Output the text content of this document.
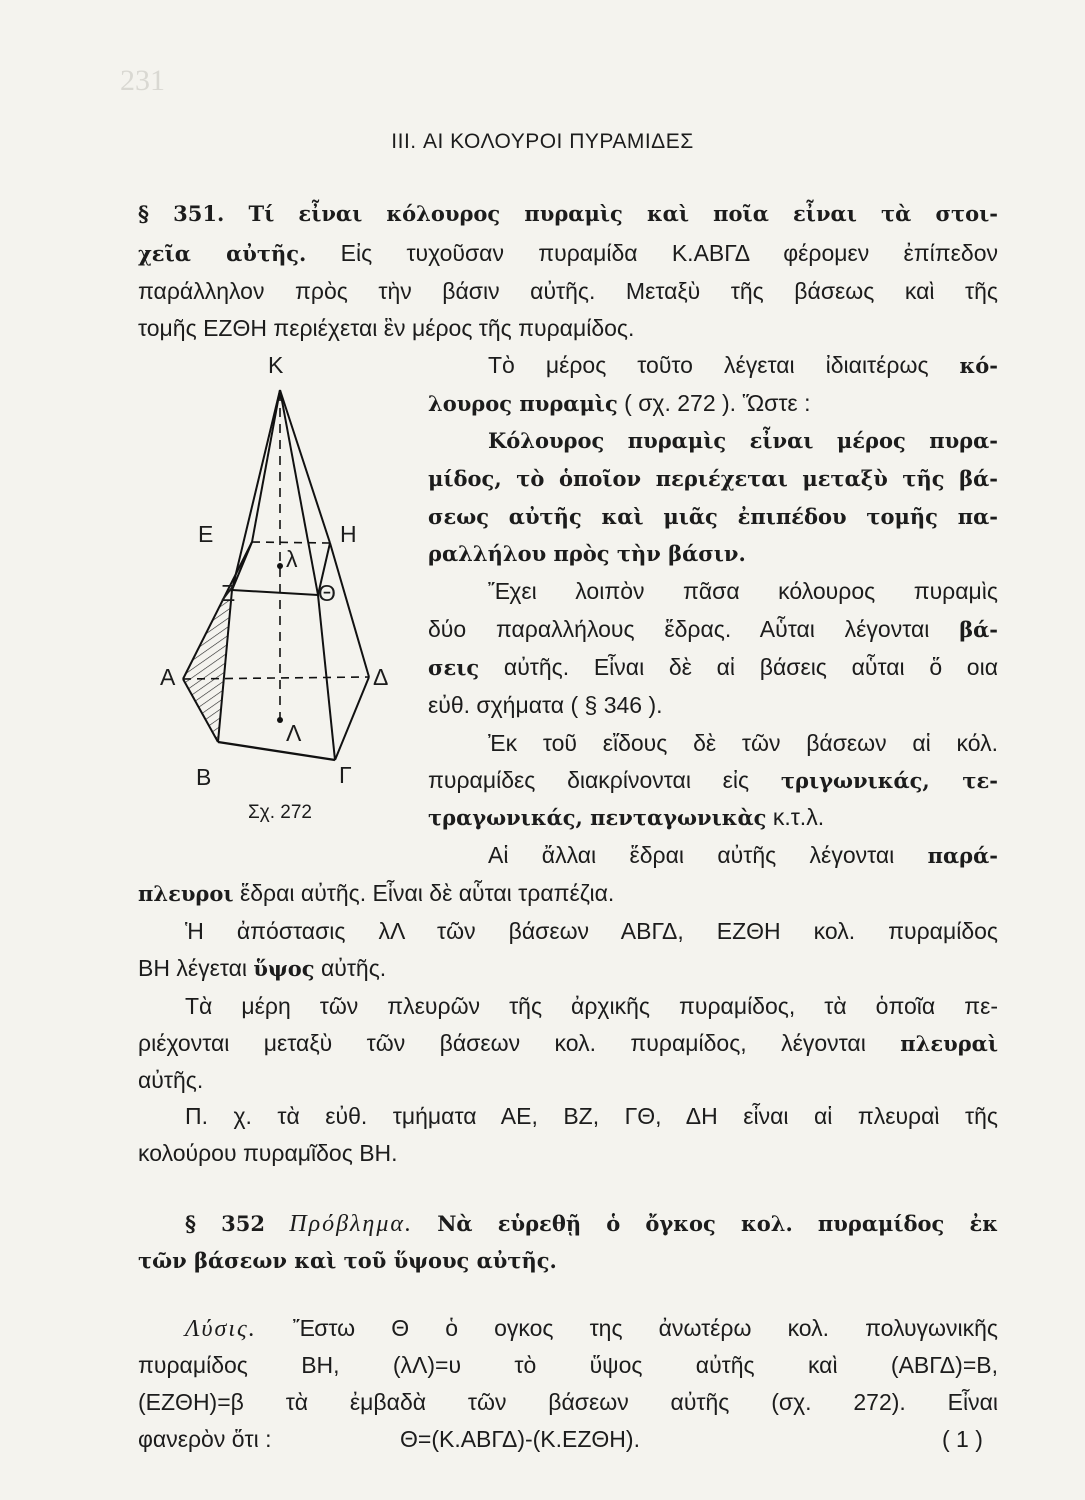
231
III. ΑΙ ΚΟΛΟΥΡΟΙ ΠΥΡΑΜΙΔΕΣ
§ 351. Τί εἶναι κόλουρος πυραμὶς καὶ ποῖα εἶναι τὰ στοι-
χεῖα αὐτῆς. Εἰς τυχοῦσαν πυραμίδα Κ.ΑΒΓΔ φέρομεν ἐπίπεδον
παράλληλον πρὸς τὴν βάσιν αὐτῆς. Μεταξὺ τῆς βάσεως καὶ τῆς
τομῆς ΕΖΘΗ περιέχεται ἓν μέρος τῆς πυραμίδος.
Τὸ μέρος τοῦτο λέγεται ἰδιαιτέρως κό-
λουρος πυραμὶς ( σχ. 272 ). Ὥστε :
Κόλουρος πυραμὶς εἶναι μέρος πυρα-
μίδος, τὸ ὁποῖον περιέχεται μεταξὺ τῆς βά-
σεως αὐτῆς καὶ μιᾶς ἐπιπέδου τομῆς πα-
ραλλήλου πρὸς τὴν βάσιν.
Ἔχει λοιπὸν πᾶσα κόλουρος πυραμὶς
δύο παραλλήλους ἕδρας. Αὗται λέγονται βά-
σεις αὐτῆς. Εἶναι δὲ αἱ βάσεις αὗται ὅ οια
εὐθ. σχήματα ( § 346 ).
Ἐκ τοῦ εἴδους δὲ τῶν βάσεων αἱ κόλ.
πυραμίδες διακρίνονται εἰς τριγωνικάς, τε-
τραγωνικάς, πενταγωνικὰς κ.τ.λ.
Αἱ ἄλλαι ἕδραι αὐτῆς λέγονται παρά-
πλευροι ἕδραι αὐτῆς. Εἶναι δὲ αὗται τραπέζια.
Ἡ ἀπόστασις λΛ τῶν βάσεων ΑΒΓΔ, ΕΖΘΗ κολ. πυραμίδος
ΒΗ λέγεται ὕψος αὐτῆς.
Τὰ μέρη τῶν πλευρῶν τῆς ἀρχικῆς πυραμίδος, τὰ ὁποῖα πε-
ριέχονται μεταξὺ τῶν βάσεων κολ. πυραμίδος, λέγονται πλευραὶ
αὐτῆς.
Π. χ. τὰ εὐθ. τμήματα ΑΕ, ΒΖ, ΓΘ, ΔΗ εἶναι αἱ πλευραὶ τῆς
κολούρου πυραμῖδος ΒΗ.
§ 352 Πρόβλημα. Νὰ εὑρεθῇ ὁ ὄγκος κολ. πυραμίδος ἐκ
τῶν βάσεων καὶ τοῦ ὕψους αὐτῆς.
Λύσις. Ἔστω Θ ὁ ογκος της ἀνωτέρω κολ. πολυγωνικῆς
πυραμίδος ΒΗ, (λΛ)=υ τὸ ὕψος αὐτῆς καὶ (ΑΒΓΔ)=Β,
(ΕΖΘΗ)=β τὰ ἐμβαδὰ τῶν βάσεων αὐτῆς (σχ. 272). Εἶναι
φανερὸν ὅτι :	Θ=(Κ.ΑΒΓΔ)-(Κ.ΕΖΘΗ).	( 1 )
Κ
Ε	Η
λ
Ζ	Θ
Α	Δ
Λ
Β	Γ
Σχ. 272
